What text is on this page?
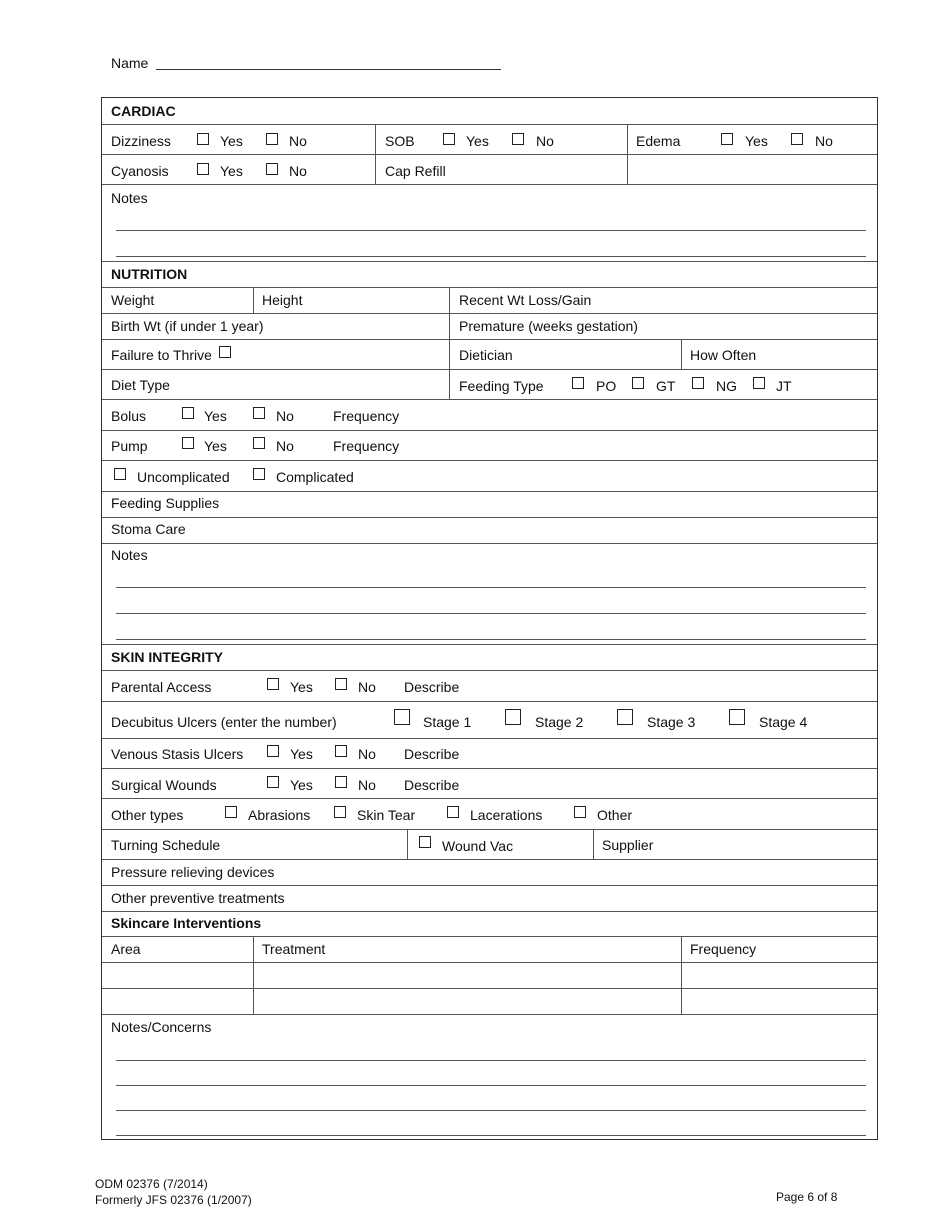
Name
CARDIAC
Dizziness	Yes	No	SOB	Yes	No	Edema	Yes	No
Cyanosis	Yes	No	Cap Refill
Notes
NUTRITION
Weight	Height	Recent Wt Loss/Gain
Birth Wt (if under 1 year)	Premature (weeks gestation)
Failure to Thrive	Dietician	How Often
Diet Type	Feeding Type	PO	GT	NG	JT
Bolus	Yes	No	Frequency
Pump	Yes	No	Frequency
Uncomplicated	Complicated
Feeding Supplies
Stoma Care
Notes
SKIN INTEGRITY
Parental Access	Yes	No Describe
Decubitus Ulcers (enter the number)	Stage 1	Stage 2	Stage 3	Stage 4
Venous Stasis Ulcers	Yes	No Describe
Surgical Wounds	Yes	No Describe
Other types	Abrasions	Skin Tear	Lacerations	Other
Turning Schedule	Wound Vac	Supplier
Pressure relieving devices
Other preventive treatments
Skincare Interventions
Area	Treatment	Frequency
Notes/Concerns
ODM 02376 (7/2014)
Formerly JFS 02376 (1/2007)	Page 6 of 8
